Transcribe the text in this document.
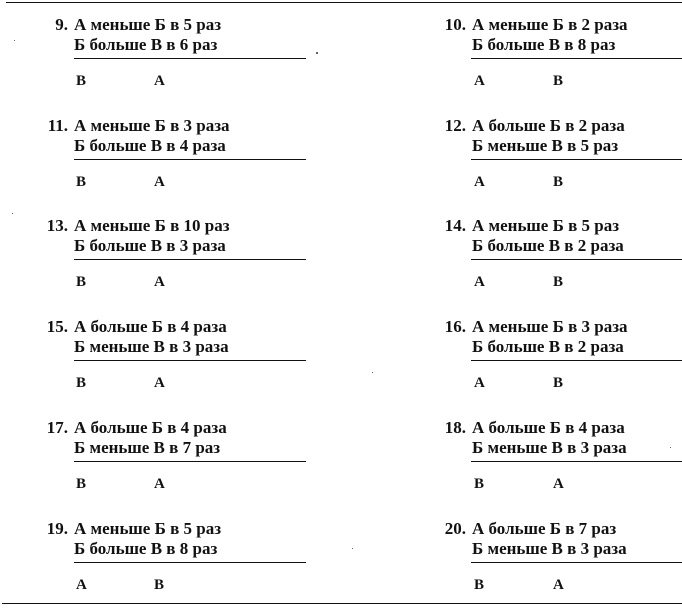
9. А меньше Б в 5 раз
Б больше В в 6 раз
В	А
10. А меньше Б в 2 раза
Б больше В в 8 раз
А	В
11. А меньше Б в 3 раза
Б больше В в 4 раза
В	А
12. А больше Б в 2 раза
Б меньше В в 5 раз
А	В
13. А меньше Б в 10 раз
Б больше В в 3 раза
В	А
14. А меньше Б в 5 раз
Б больше В в 2 раза
А	В
15. А больше Б в 4 раза
Б меньше В в 3 раза
В	А
16. А меньше Б в 3 раза
Б больше В в 2 раза
А	В
17. А больше Б в 4 раза
Б меньше В в 7 раз
В	А
18. А больше Б в 4 раза
Б меньше В в 3 раза
В	А
19. А меньше Б в 5 раз
Б больше В в 8 раз
А	В
20. А больше Б в 7 раз
Б меньше В в 3 раза
В	А
